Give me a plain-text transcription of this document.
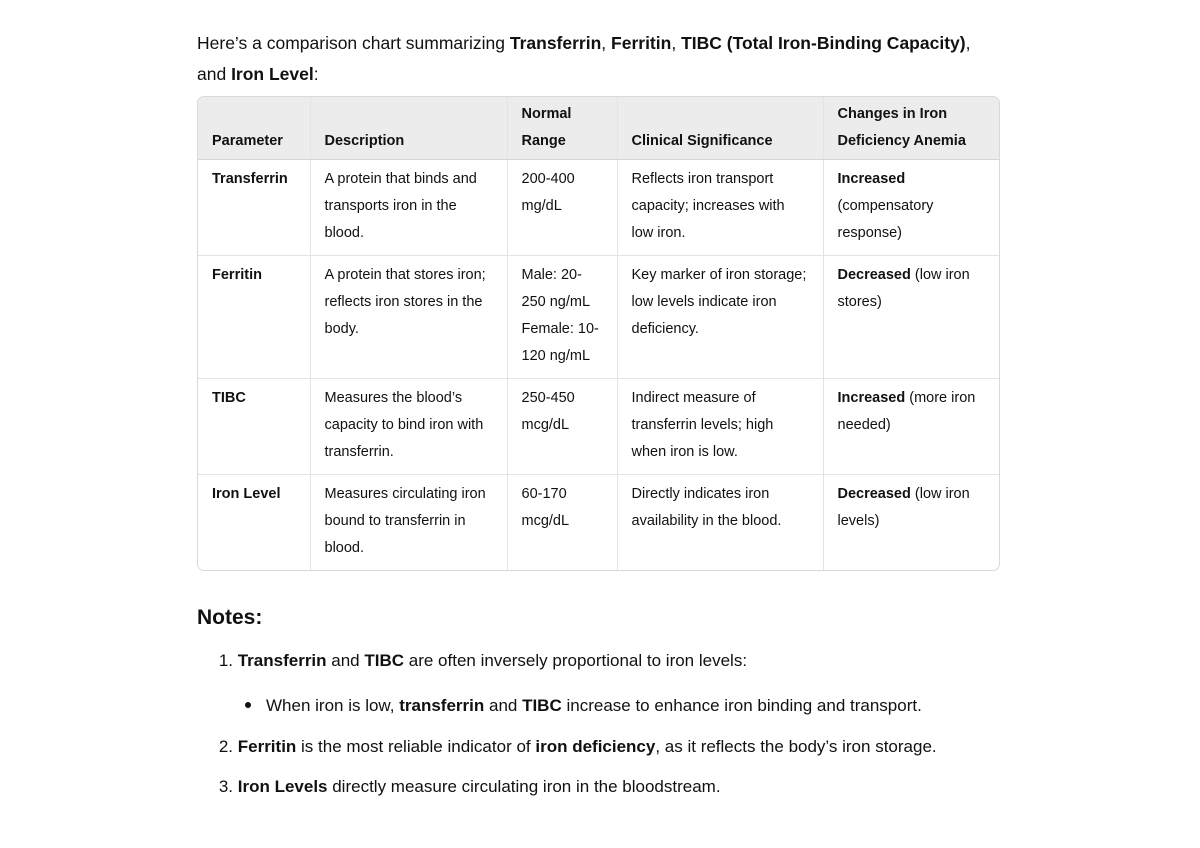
Here’s a comparison chart summarizing Transferrin, Ferritin, TIBC (Total Iron-Binding Capacity),
and Iron Level:
Parameter	Description	Normal Range	Clinical Significance	Changes in Iron Deficiency Anemia
Transferrin	A protein that binds and transports iron in the blood.	200-400 mg/dL	Reflects iron transport capacity; increases with low iron.	Increased (compensatory response)
Ferritin	A protein that stores iron; reflects iron stores in the body.	Male: 20-250 ng/mL Female: 10-120 ng/mL	Key marker of iron storage; low levels indicate iron deficiency.	Decreased (low iron stores)
TIBC	Measures the blood’s capacity to bind iron with transferrin.	250-450 mcg/dL	Indirect measure of transferrin levels; high when iron is low.	Increased (more iron needed)
Iron Level	Measures circulating iron bound to transferrin in blood.	60-170 mcg/dL	Directly indicates iron availability in the blood.	Decreased (low iron levels)
Notes:
1. Transferrin and TIBC are often inversely proportional to iron levels:
When iron is low, transferrin and TIBC increase to enhance iron binding and transport.
2. Ferritin is the most reliable indicator of iron deficiency, as it reflects the body’s iron storage.
3. Iron Levels directly measure circulating iron in the bloodstream.
